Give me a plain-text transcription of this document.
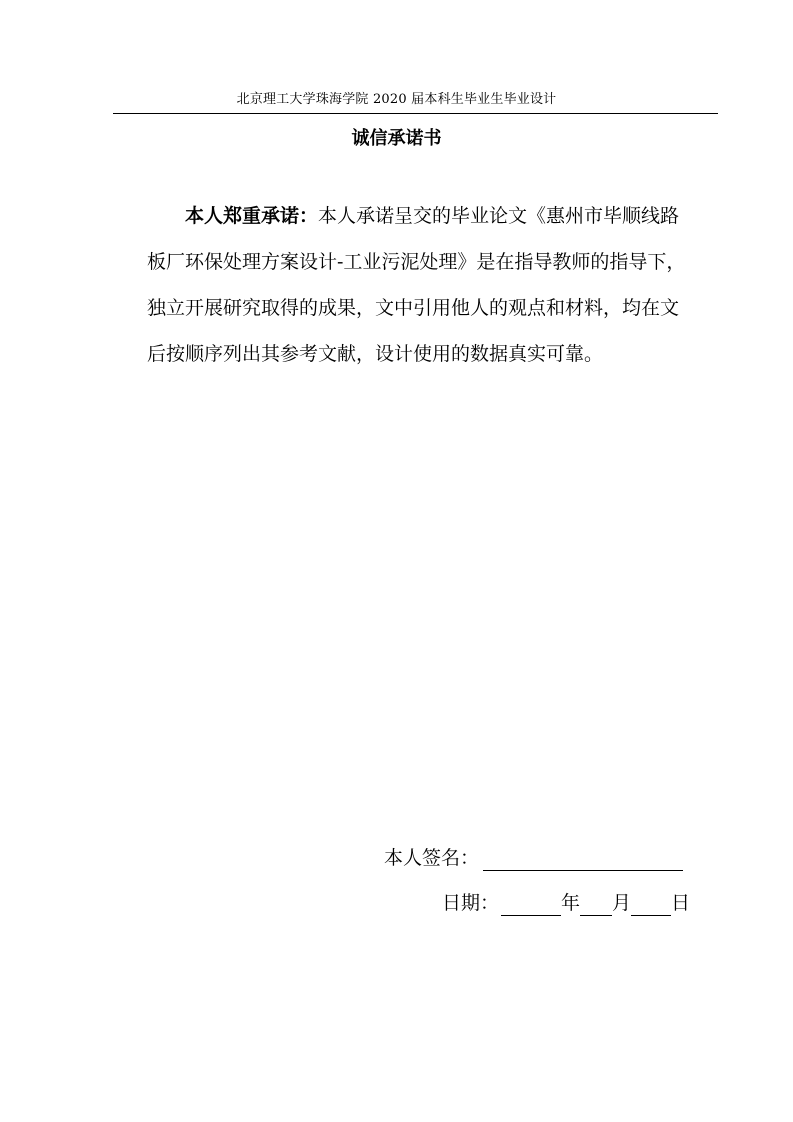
北京理工大学珠海学院 2020 届本科生毕业生毕业设计
诚信承诺书

本人郑重承诺：本人承诺呈交的毕业论文《惠州市毕顺线路板厂环保处理方案设计-工业污泥处理》是在指导教师的指导下，独立开展研究取得的成果，文中引用他人的观点和材料，均在文后按顺序列出其参考文献，设计使用的数据真实可靠。

本人签名：
日期：	年 月 日
